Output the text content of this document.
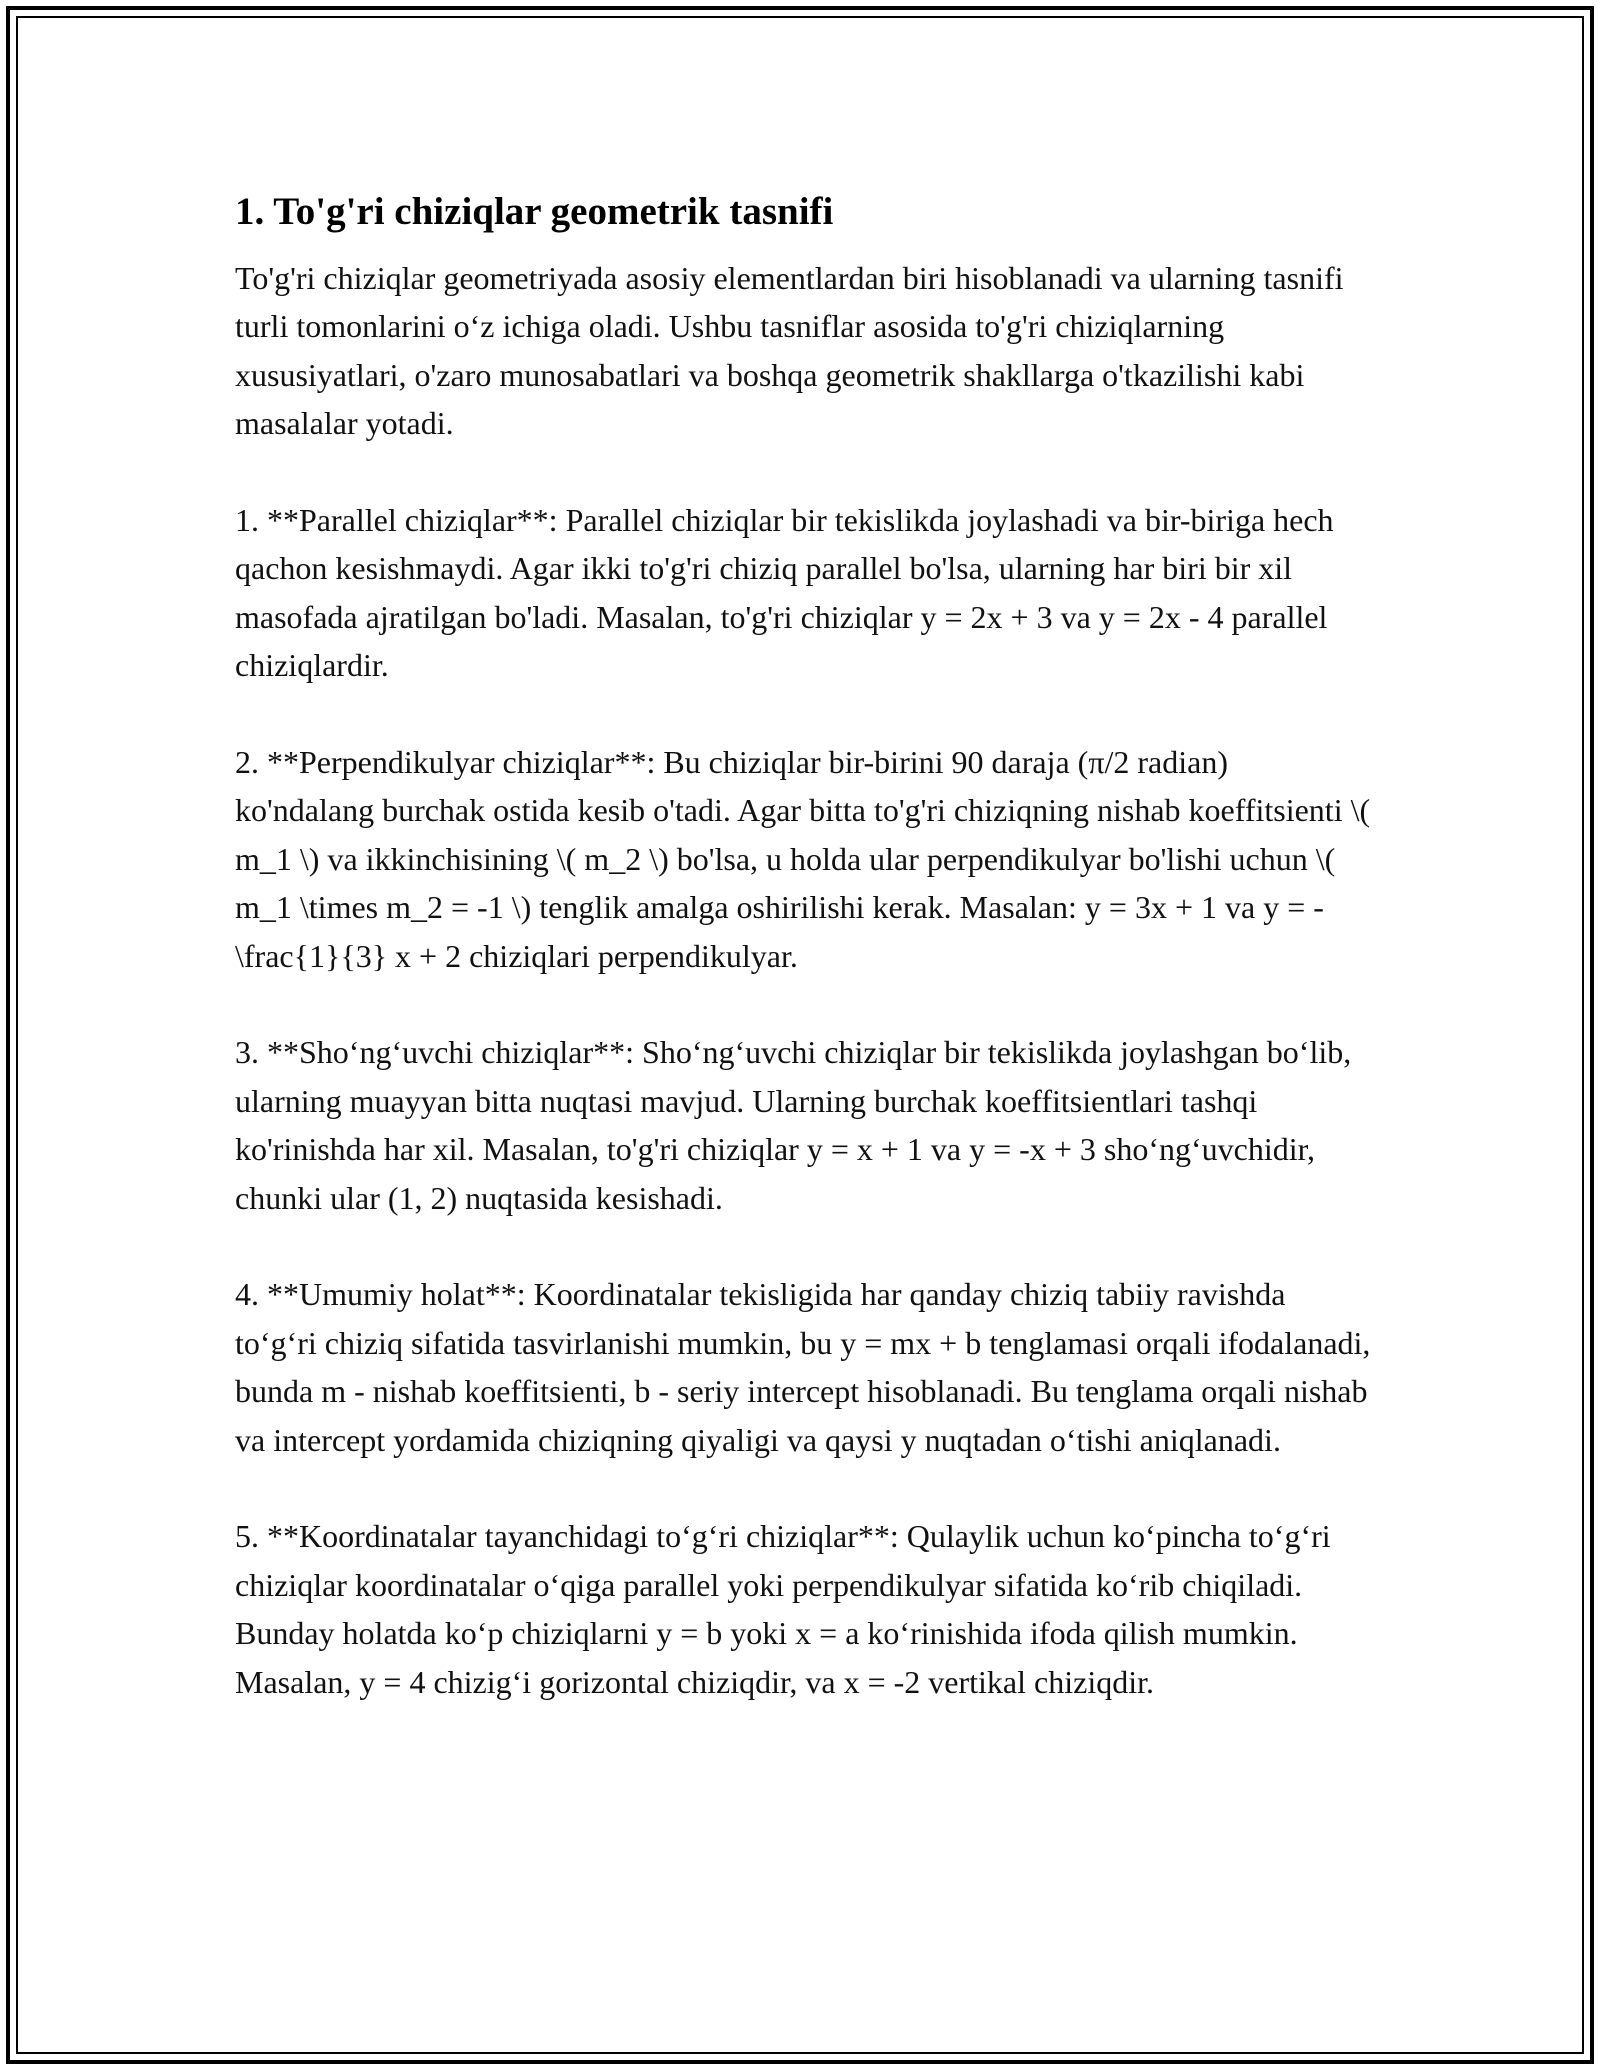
1. To'g'ri chiziqlar geometrik tasnifi

To'g'ri chiziqlar geometriyada asosiy elementlardan biri hisoblanadi va ularning tasnifi turli tomonlarini o‘z ichiga oladi. Ushbu tasniflar asosida to'g'ri chiziqlarning xususiyatlari, o'zaro munosabatlari va boshqa geometrik shakllarga o'tkazilishi kabi masalalar yotadi.

1. **Parallel chiziqlar**: Parallel chiziqlar bir tekislikda joylashadi va bir-biriga hech qachon kesishmaydi. Agar ikki to'g'ri chiziq parallel bo'lsa, ularning har biri bir xil masofada ajratilgan bo'ladi. Masalan, to'g'ri chiziqlar y = 2x + 3 va y = 2x - 4 parallel chiziqlardir.

2. **Perpendikulyar chiziqlar**: Bu chiziqlar bir-birini 90 daraja (π/2 radian) ko'ndalang burchak ostida kesib o'tadi. Agar bitta to'g'ri chiziqning nishab koeffitsienti \( m_1 \) va ikkinchisining \( m_2 \) bo'lsa, u holda ular perpendikulyar bo'lishi uchun \( m_1 \times m_2 = -1 \) tenglik amalga oshirilishi kerak. Masalan: y = 3x + 1 va y = -\frac{1}{3} x + 2 chiziqlari perpendikulyar.

3. **Sho‘ng‘uvchi chiziqlar**: Sho‘ng‘uvchi chiziqlar bir tekislikda joylashgan bo‘lib, ularning muayyan bitta nuqtasi mavjud. Ularning burchak koeffitsientlari tashqi ko'rinishda har xil. Masalan, to'g'ri chiziqlar y = x + 1 va y = -x + 3 sho‘ng‘uvchidir, chunki ular (1, 2) nuqtasida kesishadi.

4. **Umumiy holat**: Koordinatalar tekisligida har qanday chiziq tabiiy ravishda to‘g‘ri chiziq sifatida tasvirlanishi mumkin, bu y = mx + b tenglamasi orqali ifodalanadi, bunda m - nishab koeffitsienti, b - seriy intercept hisoblanadi. Bu tenglama orqali nishab va intercept yordamida chiziqning qiyaligi va qaysi y nuqtadan o‘tishi aniqlanadi.

5. **Koordinatalar tayanchidagi to‘g‘ri chiziqlar**: Qulaylik uchun ko‘pincha to‘g‘ri chiziqlar koordinatalar o‘qiga parallel yoki perpendikulyar sifatida ko‘rib chiqiladi. Bunday holatda ko‘p chiziqlarni y = b yoki x = a ko‘rinishida ifoda qilish mumkin. Masalan, y = 4 chizig‘i gorizontal chiziqdir, va x = -2 vertikal chiziqdir.
